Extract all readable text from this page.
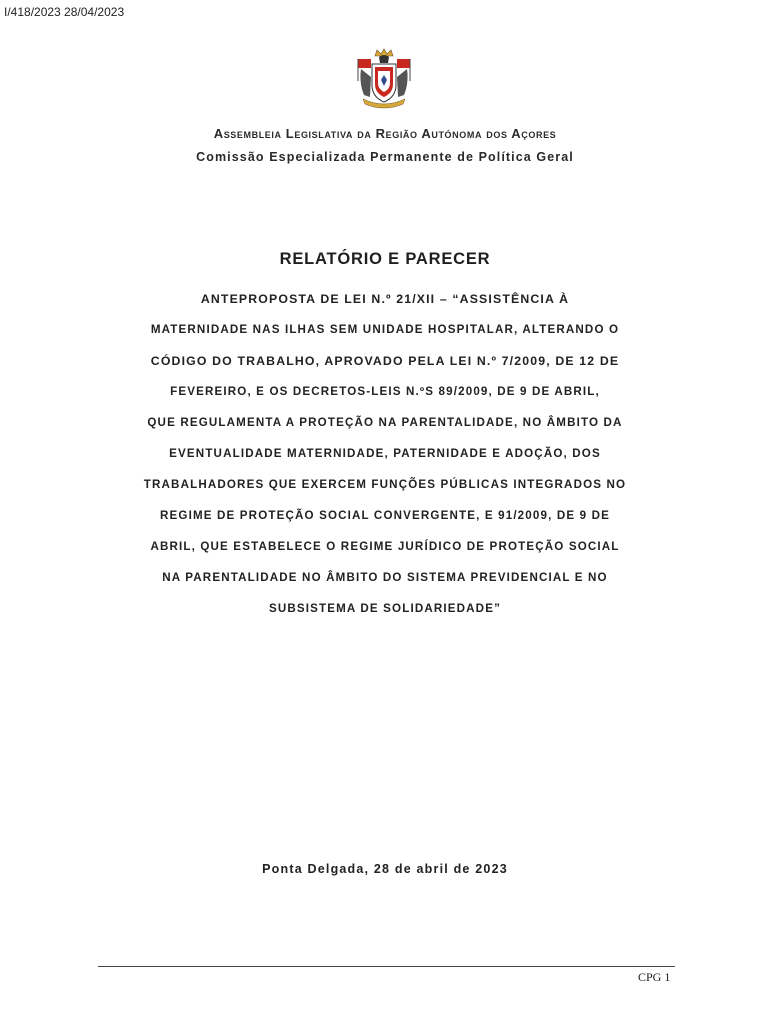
I/418/2023 28/04/2023
Assembleia Legislativa da Região Autónoma dos Açores
Comissão Especializada Permanente de Política Geral
RELATÓRIO E PARECER
ANTEPROPOSTA DE LEI N.º 21/XII – “ASSISTÊNCIA À
MATERNIDADE NAS ILHAS SEM UNIDADE HOSPITALAR, ALTERANDO O
CÓDIGO DO TRABALHO, APROVADO PELA LEI N.º 7/2009, DE 12 DE
FEVEREIRO, E OS DECRETOS-LEIS N.ºS 89/2009, DE 9 DE ABRIL,
QUE REGULAMENTA A PROTEÇÃO NA PARENTALIDADE, NO ÂMBITO DA
EVENTUALIDADE MATERNIDADE, PATERNIDADE E ADOÇÃO, DOS
TRABALHADORES QUE EXERCEM FUNÇÕES PÚBLICAS INTEGRADOS NO
REGIME DE PROTEÇÃO SOCIAL CONVERGENTE, E 91/2009, DE 9 DE
ABRIL, QUE ESTABELECE O REGIME JURÍDICO DE PROTEÇÃO SOCIAL
NA PARENTALIDADE NO ÂMBITO DO SISTEMA PREVIDENCIAL E NO
SUBSISTEMA DE SOLIDARIEDADE”
Ponta Delgada, 28 de abril de 2023
CPG 1
